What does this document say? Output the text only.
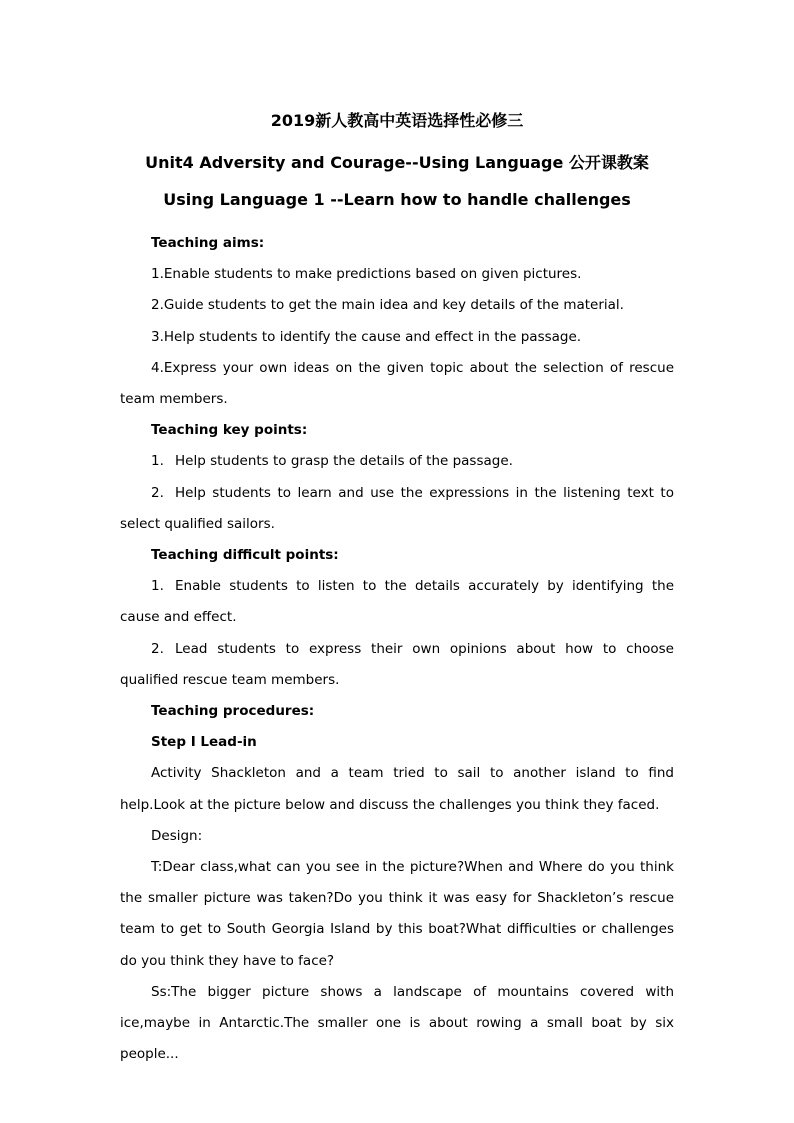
2019新人教高中英语选择性必修三
Unit4 Adversity and Courage--Using Language 公开课教案
Using Language 1 --Learn how to handle challenges

Teaching aims:

1.Enable students to make predictions based on given pictures.

2.Guide students to get the main idea and key details of the material.

3.Help students to identify the cause and effect in the passage.

4.Express your own ideas on the given topic about the selection of rescue team members.

Teaching key points:

1. Help students to grasp the details of the passage.

2. Help students to learn and use the expressions in the listening text to select qualified sailors.

Teaching difficult points:

1. Enable students to listen to the details accurately by identifying the cause and effect.

2. Lead students to express their own opinions about how to choose qualified rescue team members.

Teaching procedures:

Step Ⅰ Lead-in

Activity Shackleton and a team tried to sail to another island to find help.Look at the picture below and discuss the challenges you think they faced.

Design:

T:Dear class,what can you see in the picture?When and Where do you think the smaller picture was taken?Do you think it was easy for Shackleton’s rescue team to get to South Georgia Island by this boat?What difficulties or challenges do you think they have to face?

Ss:The bigger picture shows a landscape of mountains covered with ice,maybe in Antarctic.The smaller one is about rowing a small boat by six people...
